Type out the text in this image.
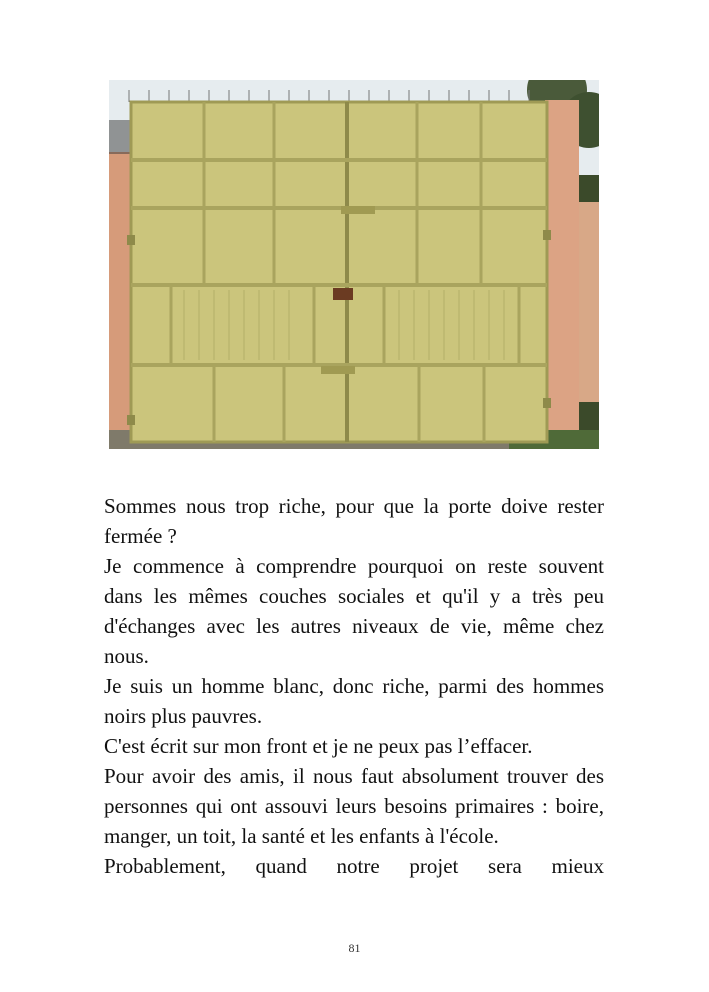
Sommes nous trop riche, pour que la porte doive rester fermée ?

Je commence à comprendre pourquoi on reste souvent dans les mêmes couches sociales et qu'il y a très peu d'échanges avec les autres niveaux de vie, même chez nous.

Je suis un homme blanc, donc riche, parmi des hommes noirs plus pauvres.

C'est écrit sur mon front et je ne peux pas l’effacer.

Pour avoir des amis, il nous faut absolument trouver des personnes qui ont assouvi leurs besoins primaires : boire, manger, un toit, la santé et les enfants à l'école.

Probablement, quand notre projet sera mieux

81
